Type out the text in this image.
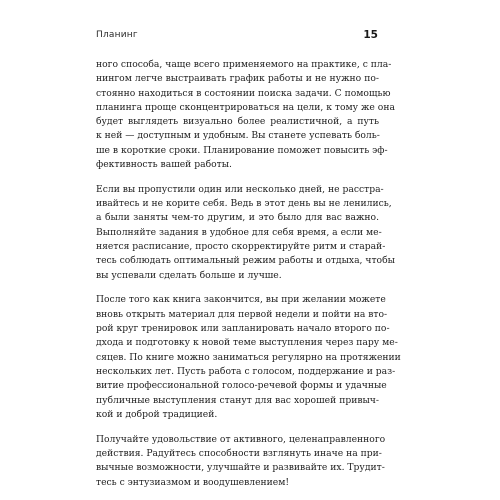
Планинг	15

ного способа, чаще всего применяемого на практике, с пла-
нингом легче выстраивать график работы и не нужно по-
стоянно находиться в состоянии поиска задачи. С помощью
планинга проще сконцентрироваться на цели, к тому же она
будет выглядеть визуально более реалистичной, а путь
к ней — доступным и удобным. Вы станете успевать боль-
ше в короткие сроки. Планирование поможет повысить эф-
фективность вашей работы.

Если вы пропустили один или несколько дней, не расстра-
ивайтесь и не корите себя. Ведь в этот день вы не ленились,
а были заняты чем-то другим, и это было для вас важно.
Выполняйте задания в удобное для себя время, а если ме-
няется расписание, просто скорректируйте ритм и старай-
тесь соблюдать оптимальный режим работы и отдыха, чтобы
вы успевали сделать больше и лучше.

После того как книга закончится, вы при желании можете
вновь открыть материал для первой недели и пойти на вто-
рой круг тренировок или запланировать начало второго по-
дхода и подготовку к новой теме выступления через пару ме-
сяцев. По книге можно заниматься регулярно на протяжении
нескольких лет. Пусть работа с голосом, поддержание и раз-
витие профессиональной голосо-речевой формы и удачные
публичные выступления станут для вас хорошей привыч-
кой и доброй традицией.

Получайте удовольствие от активного, целенаправленного
действия. Радуйтесь способности взглянуть иначе на при-
вычные возможности, улучшайте и развивайте их. Трудит-
тесь с энтузиазмом и воодушевлением!
